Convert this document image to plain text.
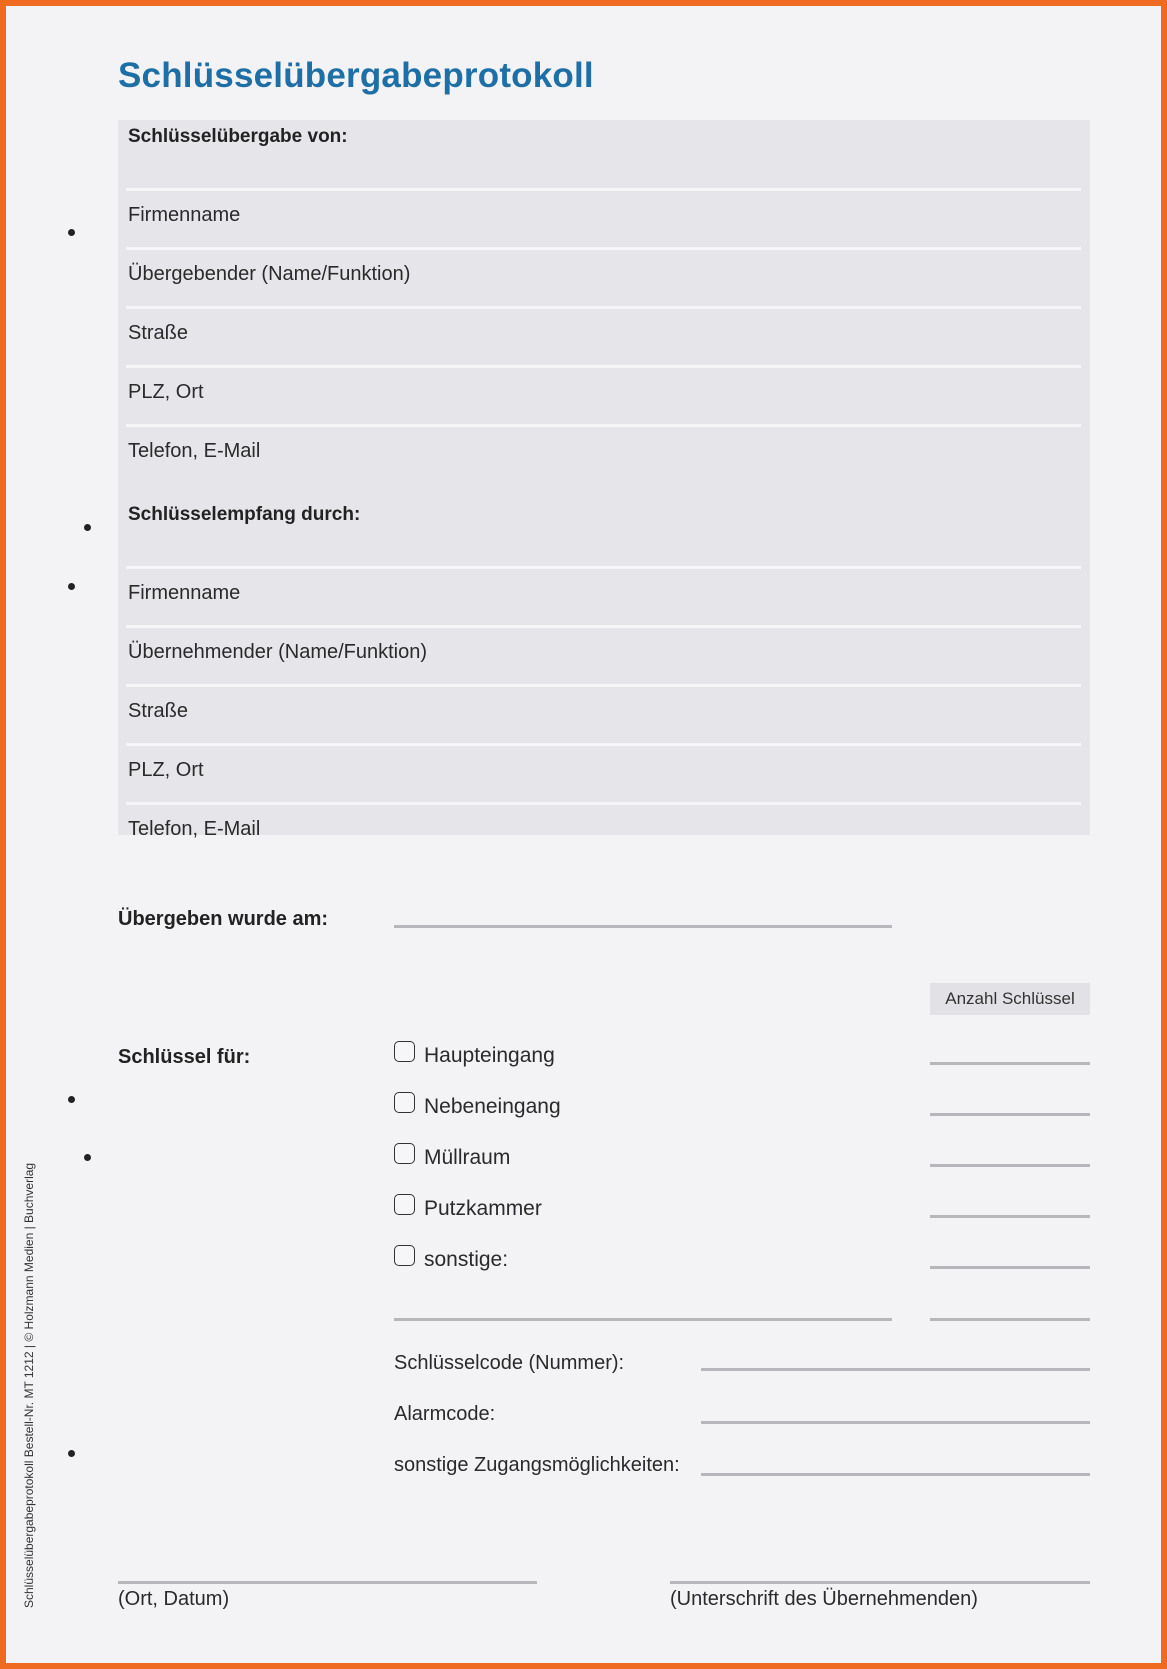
Schlüsselübergabeprotokoll
Schlüsselübergabe von:
Firmenname
Übergebender (Name/Funktion)
Straße
PLZ, Ort
Telefon, E-Mail
Schlüsselempfang durch:
Firmenname
Übernehmender (Name/Funktion)
Straße
PLZ, Ort
Telefon, E-Mail
Übergeben wurde am:
Anzahl Schlüssel
Schlüssel für:	Haupteingang
Nebeneingang
Müllraum
Putzkammer
sonstige:
Schlüsselcode (Nummer):
Alarmcode:
sonstige Zugangsmöglichkeiten:
(Ort, Datum)	(Unterschrift des Übernehmenden)
Schlüsselübergabeprotokoll Bestell-Nr. MT 1212 | © Holzmann Medien | Buchverlag
